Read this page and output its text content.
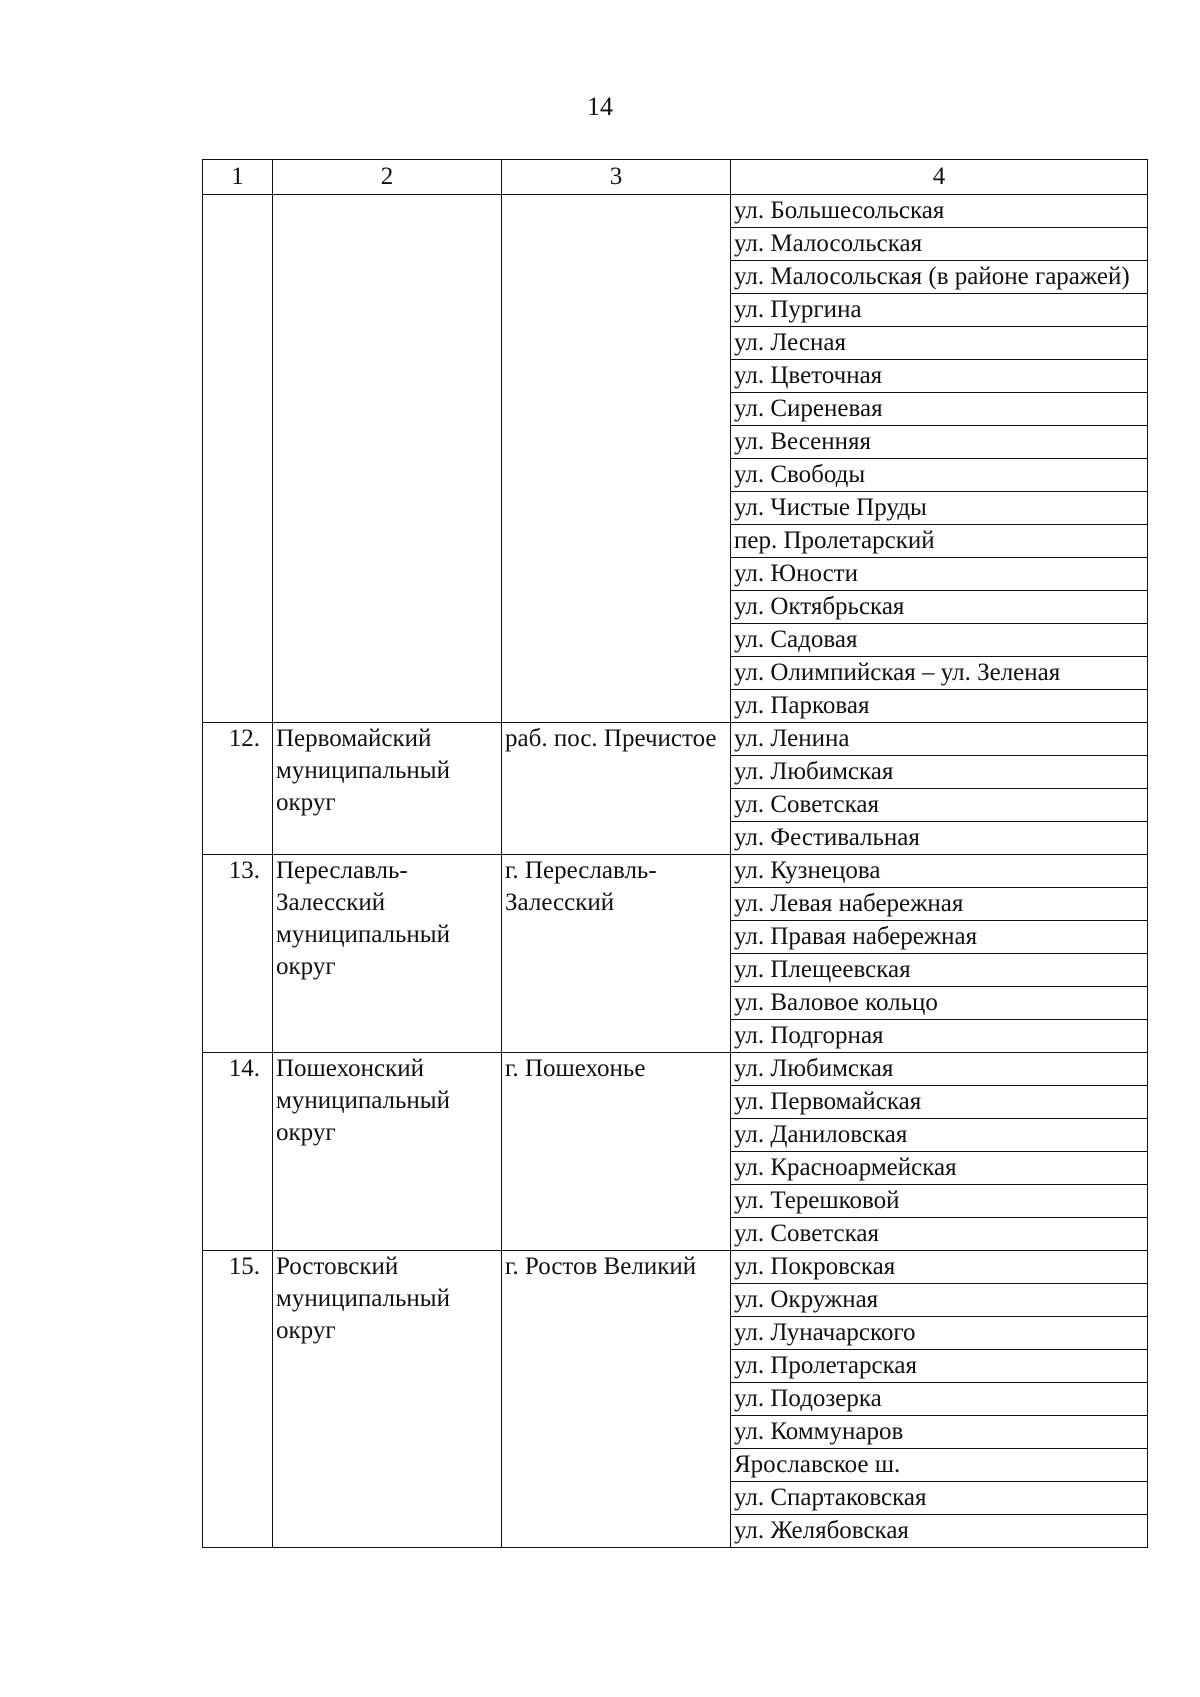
14
1	2	3	4
			ул. Большесольская
			ул. Малосольская
			ул. Малосольская (в районе гаражей)
			ул. Пургина
			ул. Лесная
			ул. Цветочная
			ул. Сиреневая
			ул. Весенняя
			ул. Свободы
			ул. Чистые Пруды
			пер. Пролетарский
			ул. Юности
			ул. Октябрьская
			ул. Садовая
			ул. Олимпийская – ул. Зеленая
			ул. Парковая
12.	Первомайский муниципальный округ	раб. пос. Пречистое	ул. Ленина
			ул. Любимская
			ул. Советская
			ул. Фестивальная
13.	Переславль-Залесский муниципальный округ	г. Переславль-Залесский	ул. Кузнецова
			ул. Левая набережная
			ул. Правая набережная
			ул. Плещеевская
			ул. Валовое кольцо
			ул. Подгорная
14.	Пошехонский муниципальный округ	г. Пошехонье	ул. Любимская
			ул. Первомайская
			ул. Даниловская
			ул. Красноармейская
			ул. Терешковой
			ул. Советская
15.	Ростовский муниципальный округ	г. Ростов Великий	ул. Покровская
			ул. Окружная
			ул. Луначарского
			ул. Пролетарская
			ул. Подозерка
			ул. Коммунаров
			Ярославское ш.
			ул. Спартаковская
			ул. Желябовская
